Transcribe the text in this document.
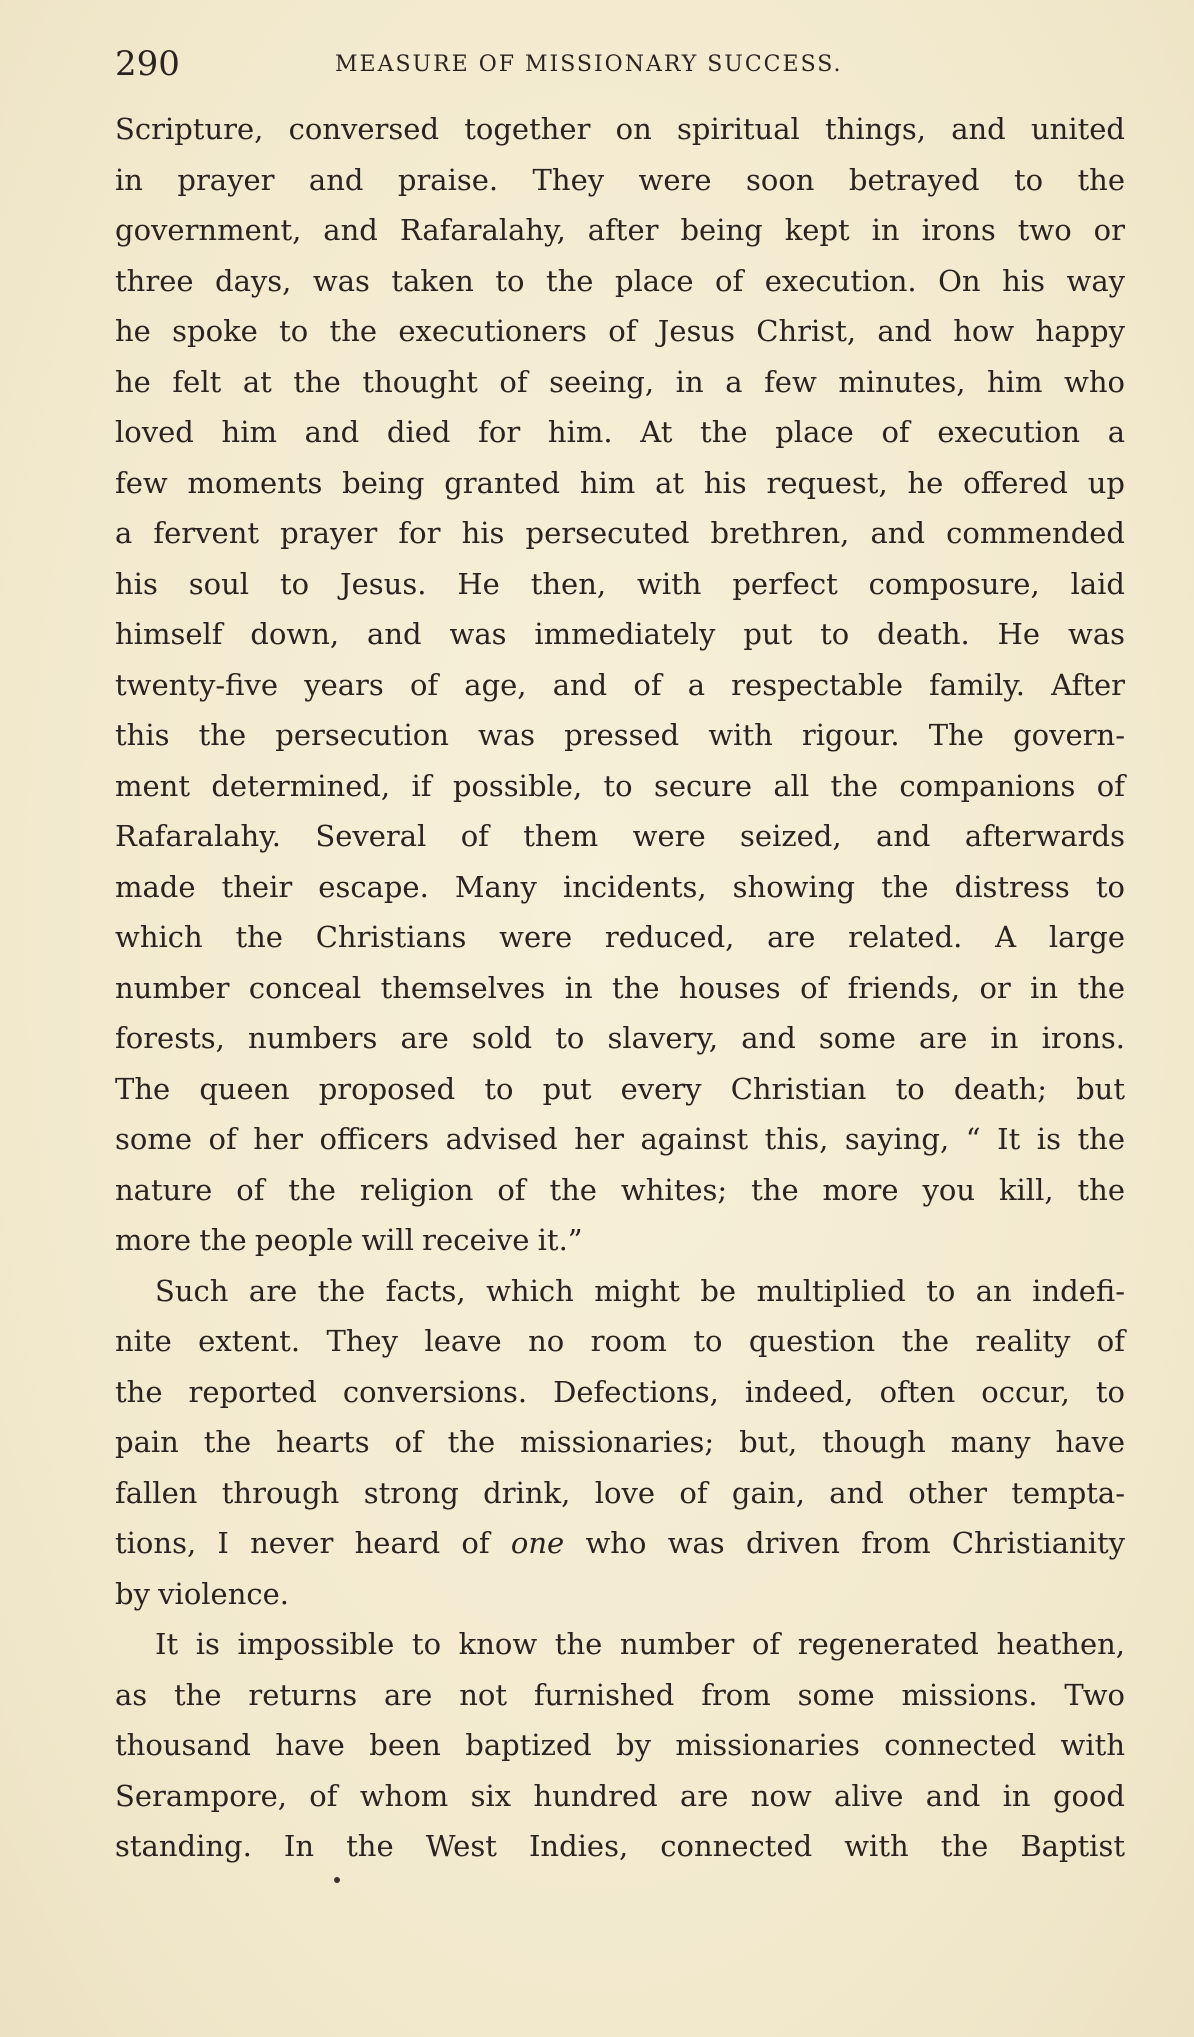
290	MEASURE OF MISSIONARY SUCCESS.
Scripture, conversed together on spiritual things, and united
in prayer and praise. They were soon betrayed to the
government, and Rafaralahy, after being kept in irons two or
three days, was taken to the place of execution. On his way
he spoke to the executioners of Jesus Christ, and how happy
he felt at the thought of seeing, in a few minutes, him who
loved him and died for him. At the place of execution a
few moments being granted him at his request, he offered up
a fervent prayer for his persecuted brethren, and commended
his soul to Jesus. He then, with perfect composure, laid
himself down, and was immediately put to death. He was
twenty-five years of age, and of a respectable family. After
this the persecution was pressed with rigour. The govern-
ment determined, if possible, to secure all the companions of
Rafaralahy. Several of them were seized, and afterwards
made their escape. Many incidents, showing the distress to
which the Christians were reduced, are related. A large
number conceal themselves in the houses of friends, or in the
forests, numbers are sold to slavery, and some are in irons.
The queen proposed to put every Christian to death; but
some of her officers advised her against this, saying, “ It is the
nature of the religion of the whites; the more you kill, the
more the people will receive it.”
Such are the facts, which might be multiplied to an indefi-
nite extent. They leave no room to question the reality of
the reported conversions. Defections, indeed, often occur, to
pain the hearts of the missionaries; but, though many have
fallen through strong drink, love of gain, and other tempta-
tions, I never heard of one who was driven from Christianity
by violence.
It is impossible to know the number of regenerated heathen,
as the returns are not furnished from some missions. Two
thousand have been baptized by missionaries connected with
Serampore, of whom six hundred are now alive and in good
standing. In the West Indies, connected with the Baptist
